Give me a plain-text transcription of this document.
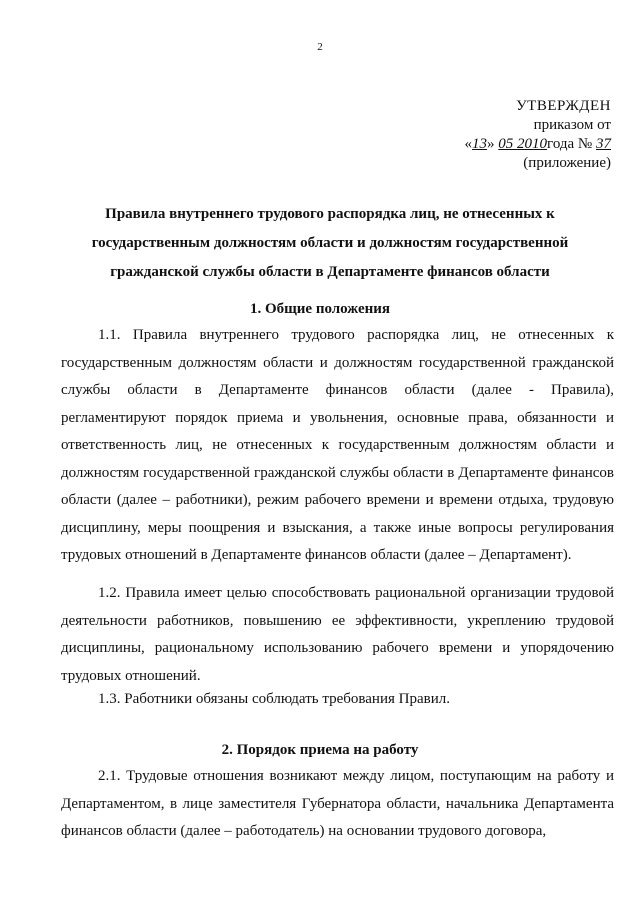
2
УТВЕРЖДЕН
приказом от
«13» 05 2010года № 37
(приложение)
Правила внутреннего трудового распорядка лиц, не отнесенных к государственным должностям области и должностям государственной гражданской службы области в Департаменте финансов области
1. Общие положения

1.1. Правила внутреннего трудового распорядка лиц, не отнесенных к государственным должностям области и должностям государственной гражданской службы области в Департаменте финансов области (далее - Правила), регламентируют порядок приема и увольнения, основные права, обязанности и ответственность лиц, не отнесенных к государственным должностям области и должностям государственной гражданской службы области в Департаменте финансов области (далее – работники), режим рабочего времени и времени отдыха, трудовую дисциплину, меры поощрения и взыскания, а также иные вопросы регулирования трудовых отношений в Департаменте финансов области (далее – Департамент).

1.2. Правила имеет целью способствовать рациональной организации трудовой деятельности работников, повышению ее эффективности, укреплению трудовой дисциплины, рациональному использованию рабочего времени и упорядочению трудовых отношений.

1.3. Работники обязаны соблюдать требования Правил.

2. Порядок приема на работу

2.1. Трудовые отношения возникают между лицом, поступающим на работу и Департаментом, в лице заместителя Губернатора области, начальника Департамента финансов области (далее – работодатель) на основании трудового договора,
